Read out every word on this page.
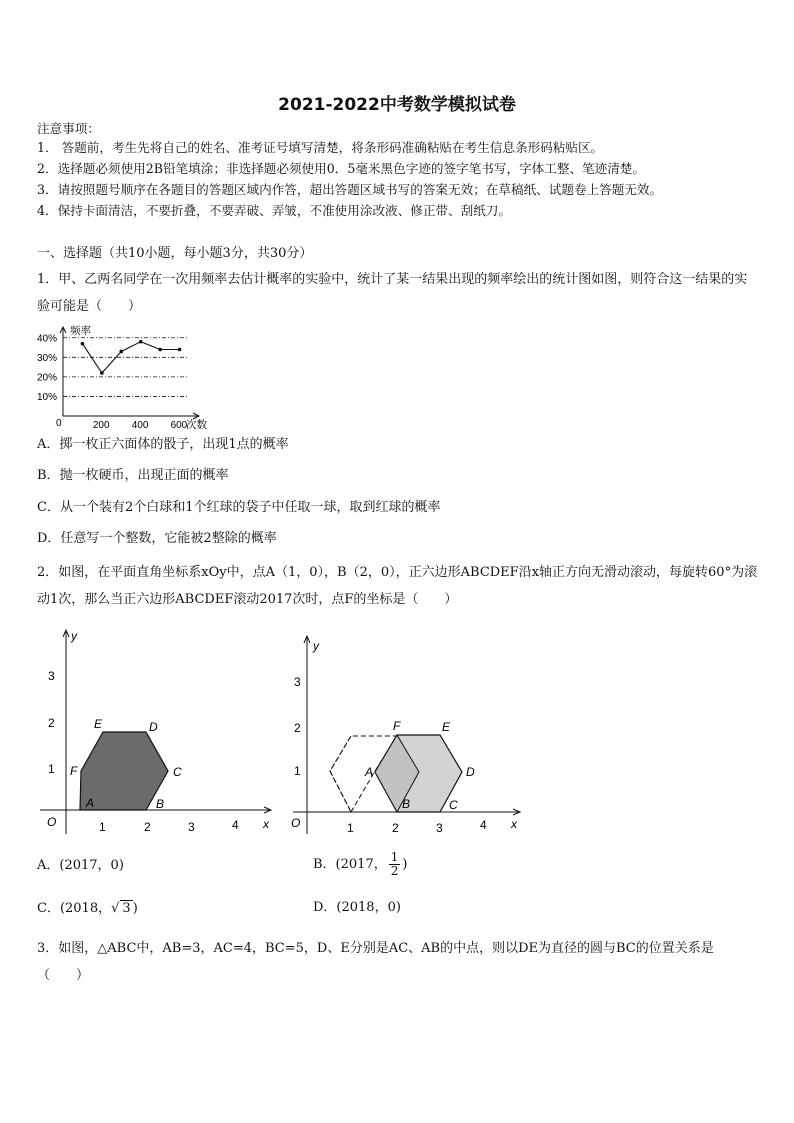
2021-2022中考数学模拟试卷
注意事项：
1． 答题前，考生先将自己的姓名、准考证号填写清楚，将条形码准确粘贴在考生信息条形码粘贴区。
2．选择题必须使用2B铅笔填涂；非选择题必须使用0．5毫米黑色字迹的签字笔书写，字体工整、笔迹清楚。
3．请按照题号顺序在各题目的答题区域内作答，超出答题区域书写的答案无效；在草稿纸、试题卷上答题无效。
4．保持卡面清洁，不要折叠，不要弄破、弄皱，不准使用涂改液、修正带、刮纸刀。
一、选择题（共10小题，每小题3分，共30分）
1．甲、乙两名同学在一次用频率去估计概率的实验中，统计了某一结果出现的频率绘出的统计图如图，则符合这一结果的实验可能是（　　）
频率
次数
0
10%
20%
30%
40%
200 400 600
A．掷一枚正六面体的骰子，出现1点的概率
B．抛一枚硬币，出现正面的概率
C．从一个装有2个白球和1个红球的袋子中任取一球，取到红球的概率
D．任意写一个整数，它能被2整除的概率
2．如图，在平面直角坐标系xOy中，点A（1，0），B（2，0），正六边形ABCDEF沿x轴正方向无滑动滚动，每旋转60°为滚动1次，那么当正六边形ABCDEF滚动2017次时，点F的坐标是（　　）
y
x
O
3
2
1
1	2	3	4
A	B
C
D
E
F
y
x
O
3
2
1
1	2	3	4
A
B	C
D
E
F
A．(2017，0)	B．(2017， $\frac{1}{2}$ )
C．(2018，√ 3 )	D．(2018，0)
3．如图，△ABC中，AB=3，AC=4，BC=5，D、E分别是AC、AB的中点，则以DE为直径的圆与BC的位置关系是（　　）
